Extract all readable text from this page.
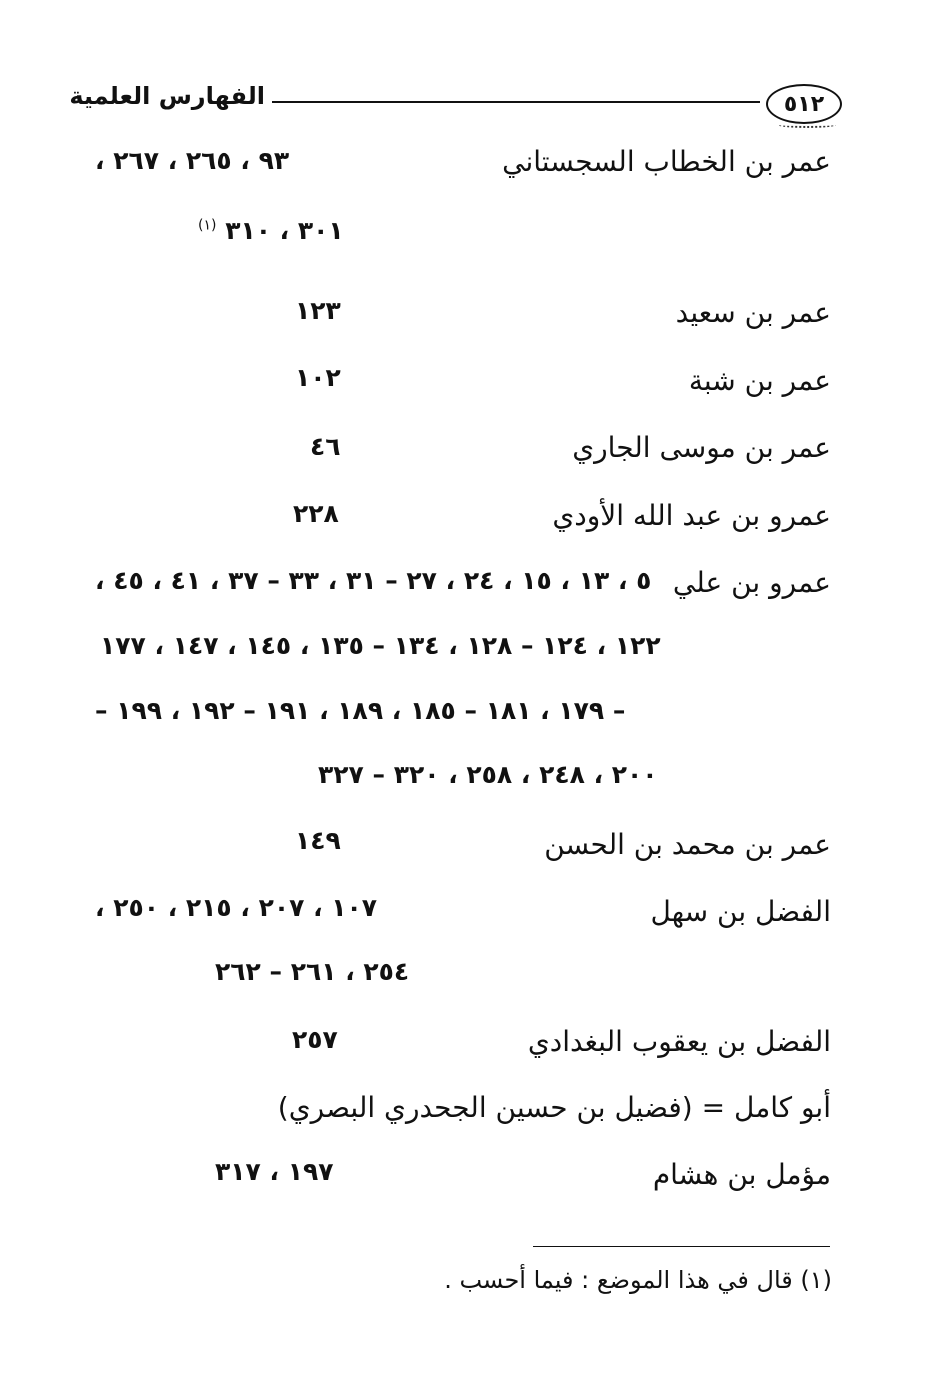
٥١٢
الفهارس العلمية
عمر بن الخطاب السجستاني
٩٣ ، ٢٦٥ ، ٢٦٧ ،
٣٠١ ، ٣١٠ $^{(١)}$
عمر بن سعيد
١٢٣
عمر بن شبة
١٠٢
عمر بن موسى الجاري
٤٦
عمرو بن عبد الله الأودي
٢٢٨
عمرو بن علي
٥ ، ١٣ ، ١٥ ، ٢٤ ، ٢٧ – ٣١ ، ٣٣ – ٣٧ ، ٤١ ، ٤٥ ،
١٢٢ ، ١٢٤ – ١٢٨ ، ١٣٤ – ١٣٥ ، ١٤٥ ، ١٤٧ ، ١٧٧
– ١٧٩ ، ١٨١ – ١٨٥ ، ١٨٩ ، ١٩١ – ١٩٢ ، ١٩٩ –
٢٠٠ ، ٢٤٨ ، ٢٥٨ ، ٣٢٠ – ٣٢٧
عمر بن محمد بن الحسن
١٤٩
الفضل بن سهل
١٠٧ ، ٢٠٧ ، ٢١٥ ، ٢٥٠ ،
٢٥٤ ، ٢٦١ – ٢٦٢
الفضل بن يعقوب البغدادي
٢٥٧
أبو كامل = (فضيل بن حسين الجحدري البصري)
مؤمل بن هشام
١٩٧ ، ٣١٧
(١) قال في هذا الموضع : فيما أحسب .
